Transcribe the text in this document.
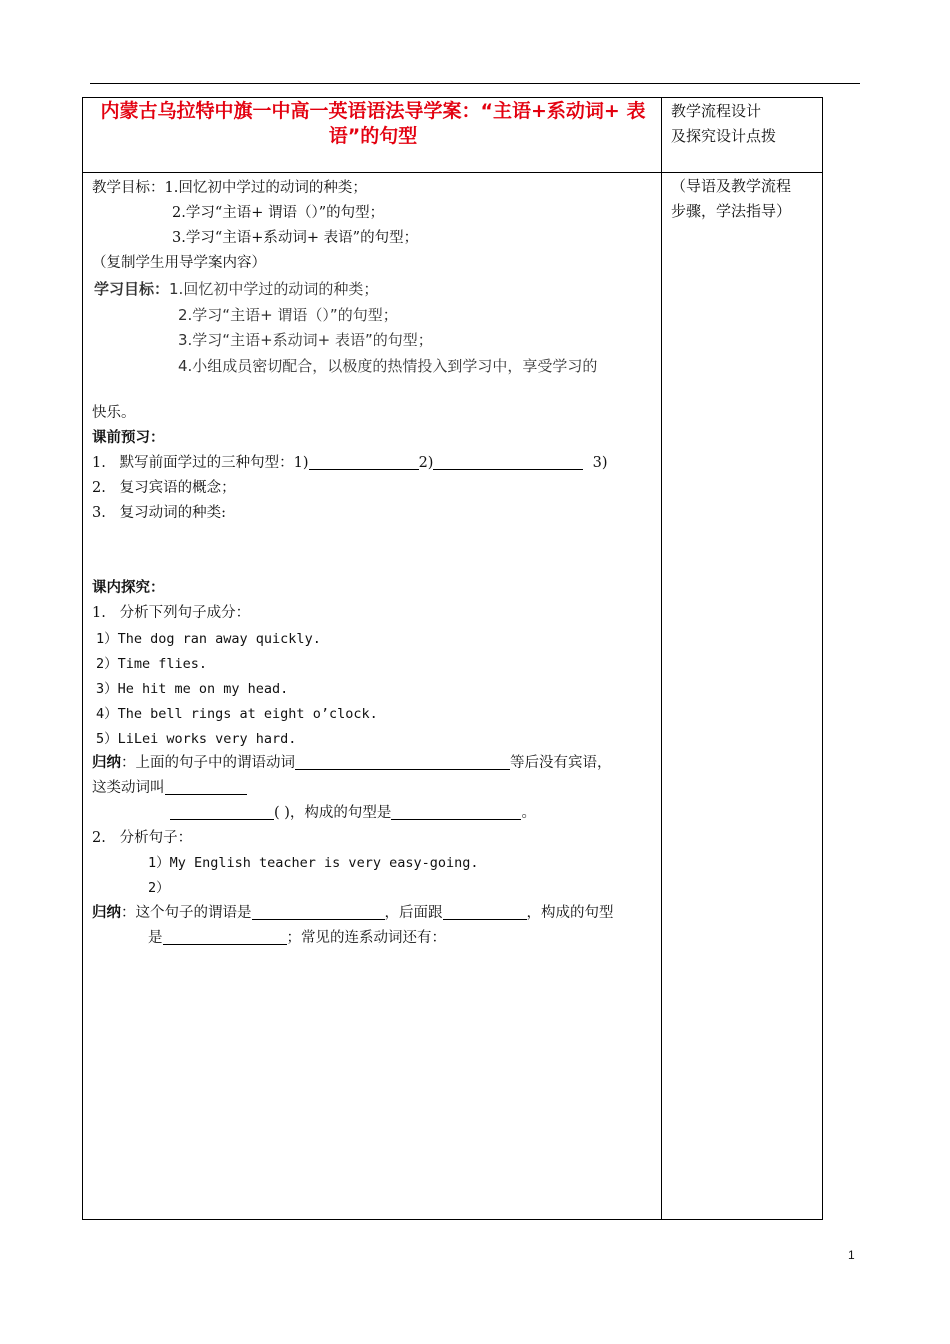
内蒙古乌拉特中旗一中高一英语语法导学案：“主语+系动词+ 表语”的句型
教学流程设计
及探究设计点拨
（导语及教学流程
步骤，学法指导）
教学目标：1.回忆初中学过的动词的种类；
2.学习“主语+ 谓语（）”的句型；
3.学习“主语+系动词+ 表语”的句型；
（复制学生用导学案内容）
学习目标：1.回忆初中学过的动词的种类；
2.学习“主语+ 谓语（）”的句型；
3.学习“主语+系动词+ 表语”的句型；
4.小组成员密切配合，以极度的热情投入到学习中，享受学习的
快乐。
课前预习：
1. 默写前面学过的三种句型：1)	2)	3)
2. 复习宾语的概念；
3. 复习动词的种类:
课内探究：
1. 分析下列句子成分：
1）The dog ran away quickly.
2）Time flies.
3）He hit me on my head.
4）The bell rings at eight o’clock.
5）LiLei works very hard.
归纳：上面的句子中的谓语动词	等后没有宾语，
这类动词叫
( )，构成的句型是	。
2. 分析句子：
1）My English teacher is very easy-going.
2）
归纳：这个句子的谓语是	，后面跟	，构成的句型
是	；常见的连系动词还有：
1
